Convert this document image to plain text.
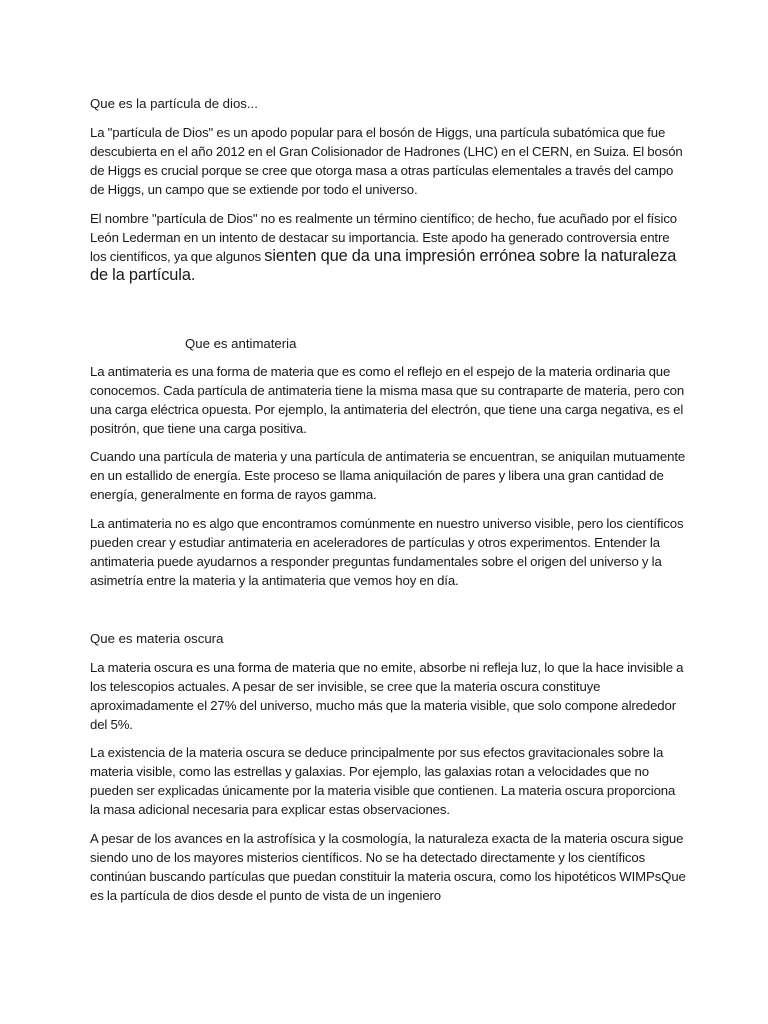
Que es la partícula de dios...
La "partícula de Dios" es un apodo popular para el bosón de Higgs, una partícula subatómica que fue descubierta en el año 2012 en el Gran Colisionador de Hadrones (LHC) en el CERN, en Suiza. El bosón de Higgs es crucial porque se cree que otorga masa a otras partículas elementales a través del campo de Higgs, un campo que se extiende por todo el universo.
El nombre "partícula de Dios" no es realmente un término científico; de hecho, fue acuñado por el físico León Lederman en un intento de destacar su importancia. Este apodo ha generado controversia entre los científicos, ya que algunos sienten que da una impresión errónea sobre la naturaleza de la partícula.
Que es antimateria
La antimateria es una forma de materia que es como el reflejo en el espejo de la materia ordinaria que conocemos. Cada partícula de antimateria tiene la misma masa que su contraparte de materia, pero con una carga eléctrica opuesta. Por ejemplo, la antimateria del electrón, que tiene una carga negativa, es el positrón, que tiene una carga positiva.
Cuando una partícula de materia y una partícula de antimateria se encuentran, se aniquilan mutuamente en un estallido de energía. Este proceso se llama aniquilación de pares y libera una gran cantidad de energía, generalmente en forma de rayos gamma.
La antimateria no es algo que encontramos comúnmente en nuestro universo visible, pero los científicos pueden crear y estudiar antimateria en aceleradores de partículas y otros experimentos. Entender la antimateria puede ayudarnos a responder preguntas fundamentales sobre el origen del universo y la asimetría entre la materia y la antimateria que vemos hoy en día.
Que es materia oscura
La materia oscura es una forma de materia que no emite, absorbe ni refleja luz, lo que la hace invisible a los telescopios actuales. A pesar de ser invisible, se cree que la materia oscura constituye aproximadamente el 27% del universo, mucho más que la materia visible, que solo compone alrededor del 5%.
La existencia de la materia oscura se deduce principalmente por sus efectos gravitacionales sobre la materia visible, como las estrellas y galaxias. Por ejemplo, las galaxias rotan a velocidades que no pueden ser explicadas únicamente por la materia visible que contienen. La materia oscura proporciona la masa adicional necesaria para explicar estas observaciones.
A pesar de los avances en la astrofísica y la cosmología, la naturaleza exacta de la materia oscura sigue siendo uno de los mayores misterios científicos. No se ha detectado directamente y los científicos continúan buscando partículas que puedan constituir la materia oscura, como los hipotéticos WIMPsQue es la partícula de dios desde el punto de vista de un ingeniero
